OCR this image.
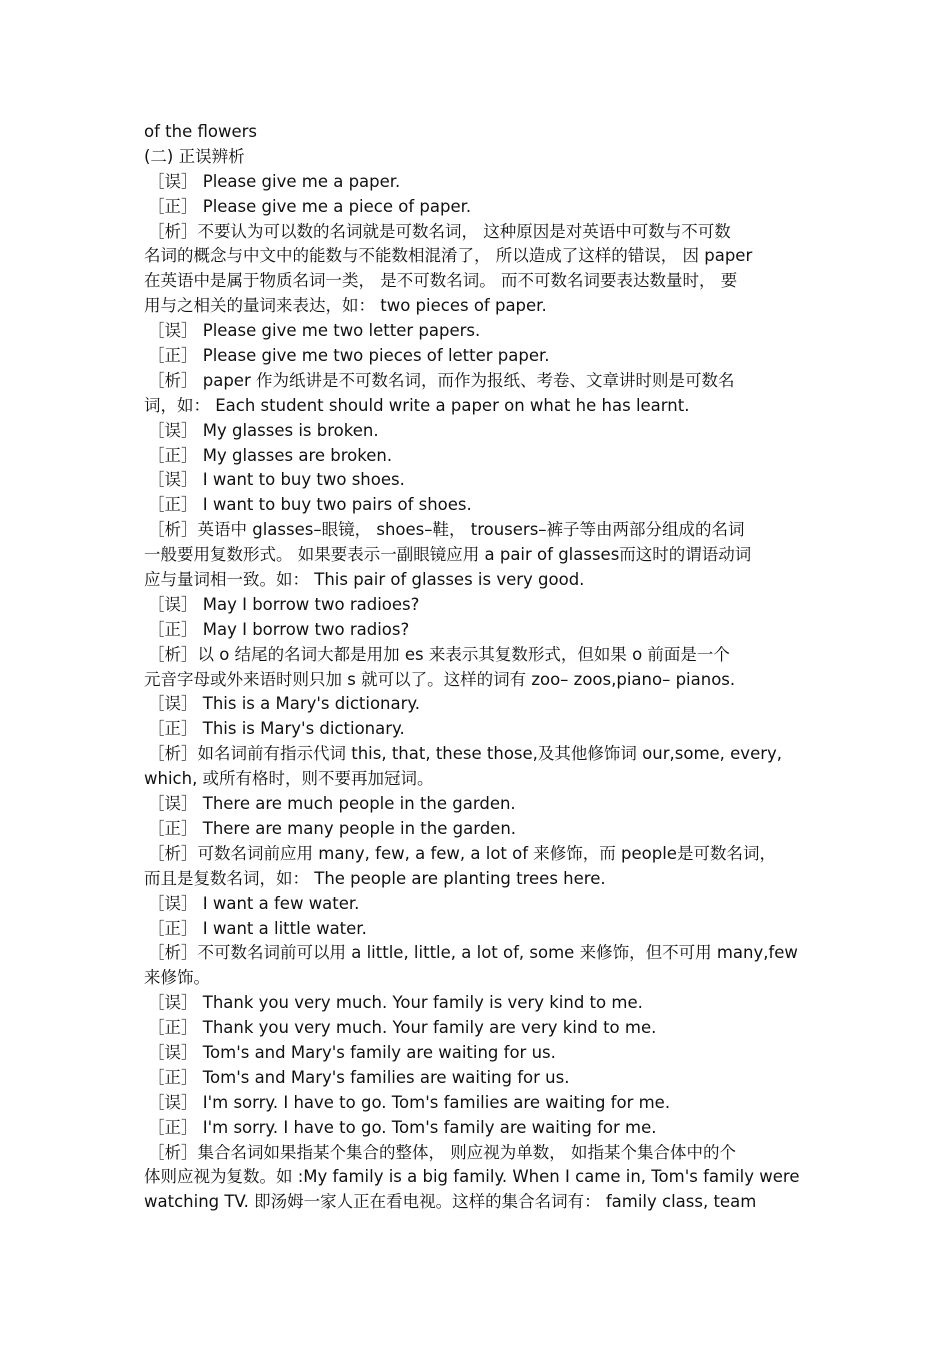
of the flowers
(二) 正误辨析
［误］ Please give me a paper.
［正］ Please give me a piece of paper.
［析］不要认为可以数的名词就是可数名词， 这种原因是对英语中可数与不可数
名词的概念与中文中的能数与不能数相混淆了， 所以造成了这样的错误， 因 paper
在英语中是属于物质名词一类， 是不可数名词。 而不可数名词要表达数量时， 要
用与之相关的量词来表达，如： two pieces of paper.
［误］ Please give me two letter papers.
［正］ Please give me two pieces of letter paper.
［析］ paper 作为纸讲是不可数名词，而作为报纸、考卷、文章讲时则是可数名
词，如： Each student should write a paper on what he has learnt.
［误］ My glasses is broken.
［正］ My glasses are broken.
［误］ I want to buy two shoes.
［正］ I want to buy two pairs of shoes.
［析］英语中 glasses–眼镜， shoes–鞋， trousers–裤子等由两部分组成的名词
一般要用复数形式。 如果要表示一副眼镜应用 a pair of glasses而这时的谓语动词
应与量词相一致。如： This pair of glasses is very good.
［误］ May I borrow two radioes?
［正］ May I borrow two radios?
［析］以 o 结尾的名词大都是用加 es 来表示其复数形式，但如果 o 前面是一个
元音字母或外来语时则只加 s 就可以了。这样的词有 zoo– zoos,piano– pianos.
［误］ This is a Mary's dictionary.
［正］ This is Mary's dictionary.
［析］如名词前有指示代词 this, that, these those,及其他修饰词 our,some, every,
which, 或所有格时，则不要再加冠词。
［误］ There are much people in the garden.
［正］ There are many people in the garden.
［析］可数名词前应用 many, few, a few, a lot of 来修饰，而 people是可数名词，
而且是复数名词，如： The people are planting trees here.
［误］ I want a few water.
［正］ I want a little water.
［析］不可数名词前可以用 a little, little, a lot of, some 来修饰，但不可用 many,few
来修饰。
［误］ Thank you very much. Your family is very kind to me.
［正］ Thank you very much. Your family are very kind to me.
［误］ Tom's and Mary's family are waiting for us.
［正］ Tom's and Mary's families are waiting for us.
［误］ I'm sorry. I have to go. Tom's families are waiting for me.
［正］ I'm sorry. I have to go. Tom's family are waiting for me.
［析］集合名词如果指某个集合的整体， 则应视为单数， 如指某个集合体中的个
体则应视为复数。如 :My family is a big family. When I came in, Tom's family were
watching TV. 即汤姆一家人正在看电视。这样的集合名词有： family class, team
